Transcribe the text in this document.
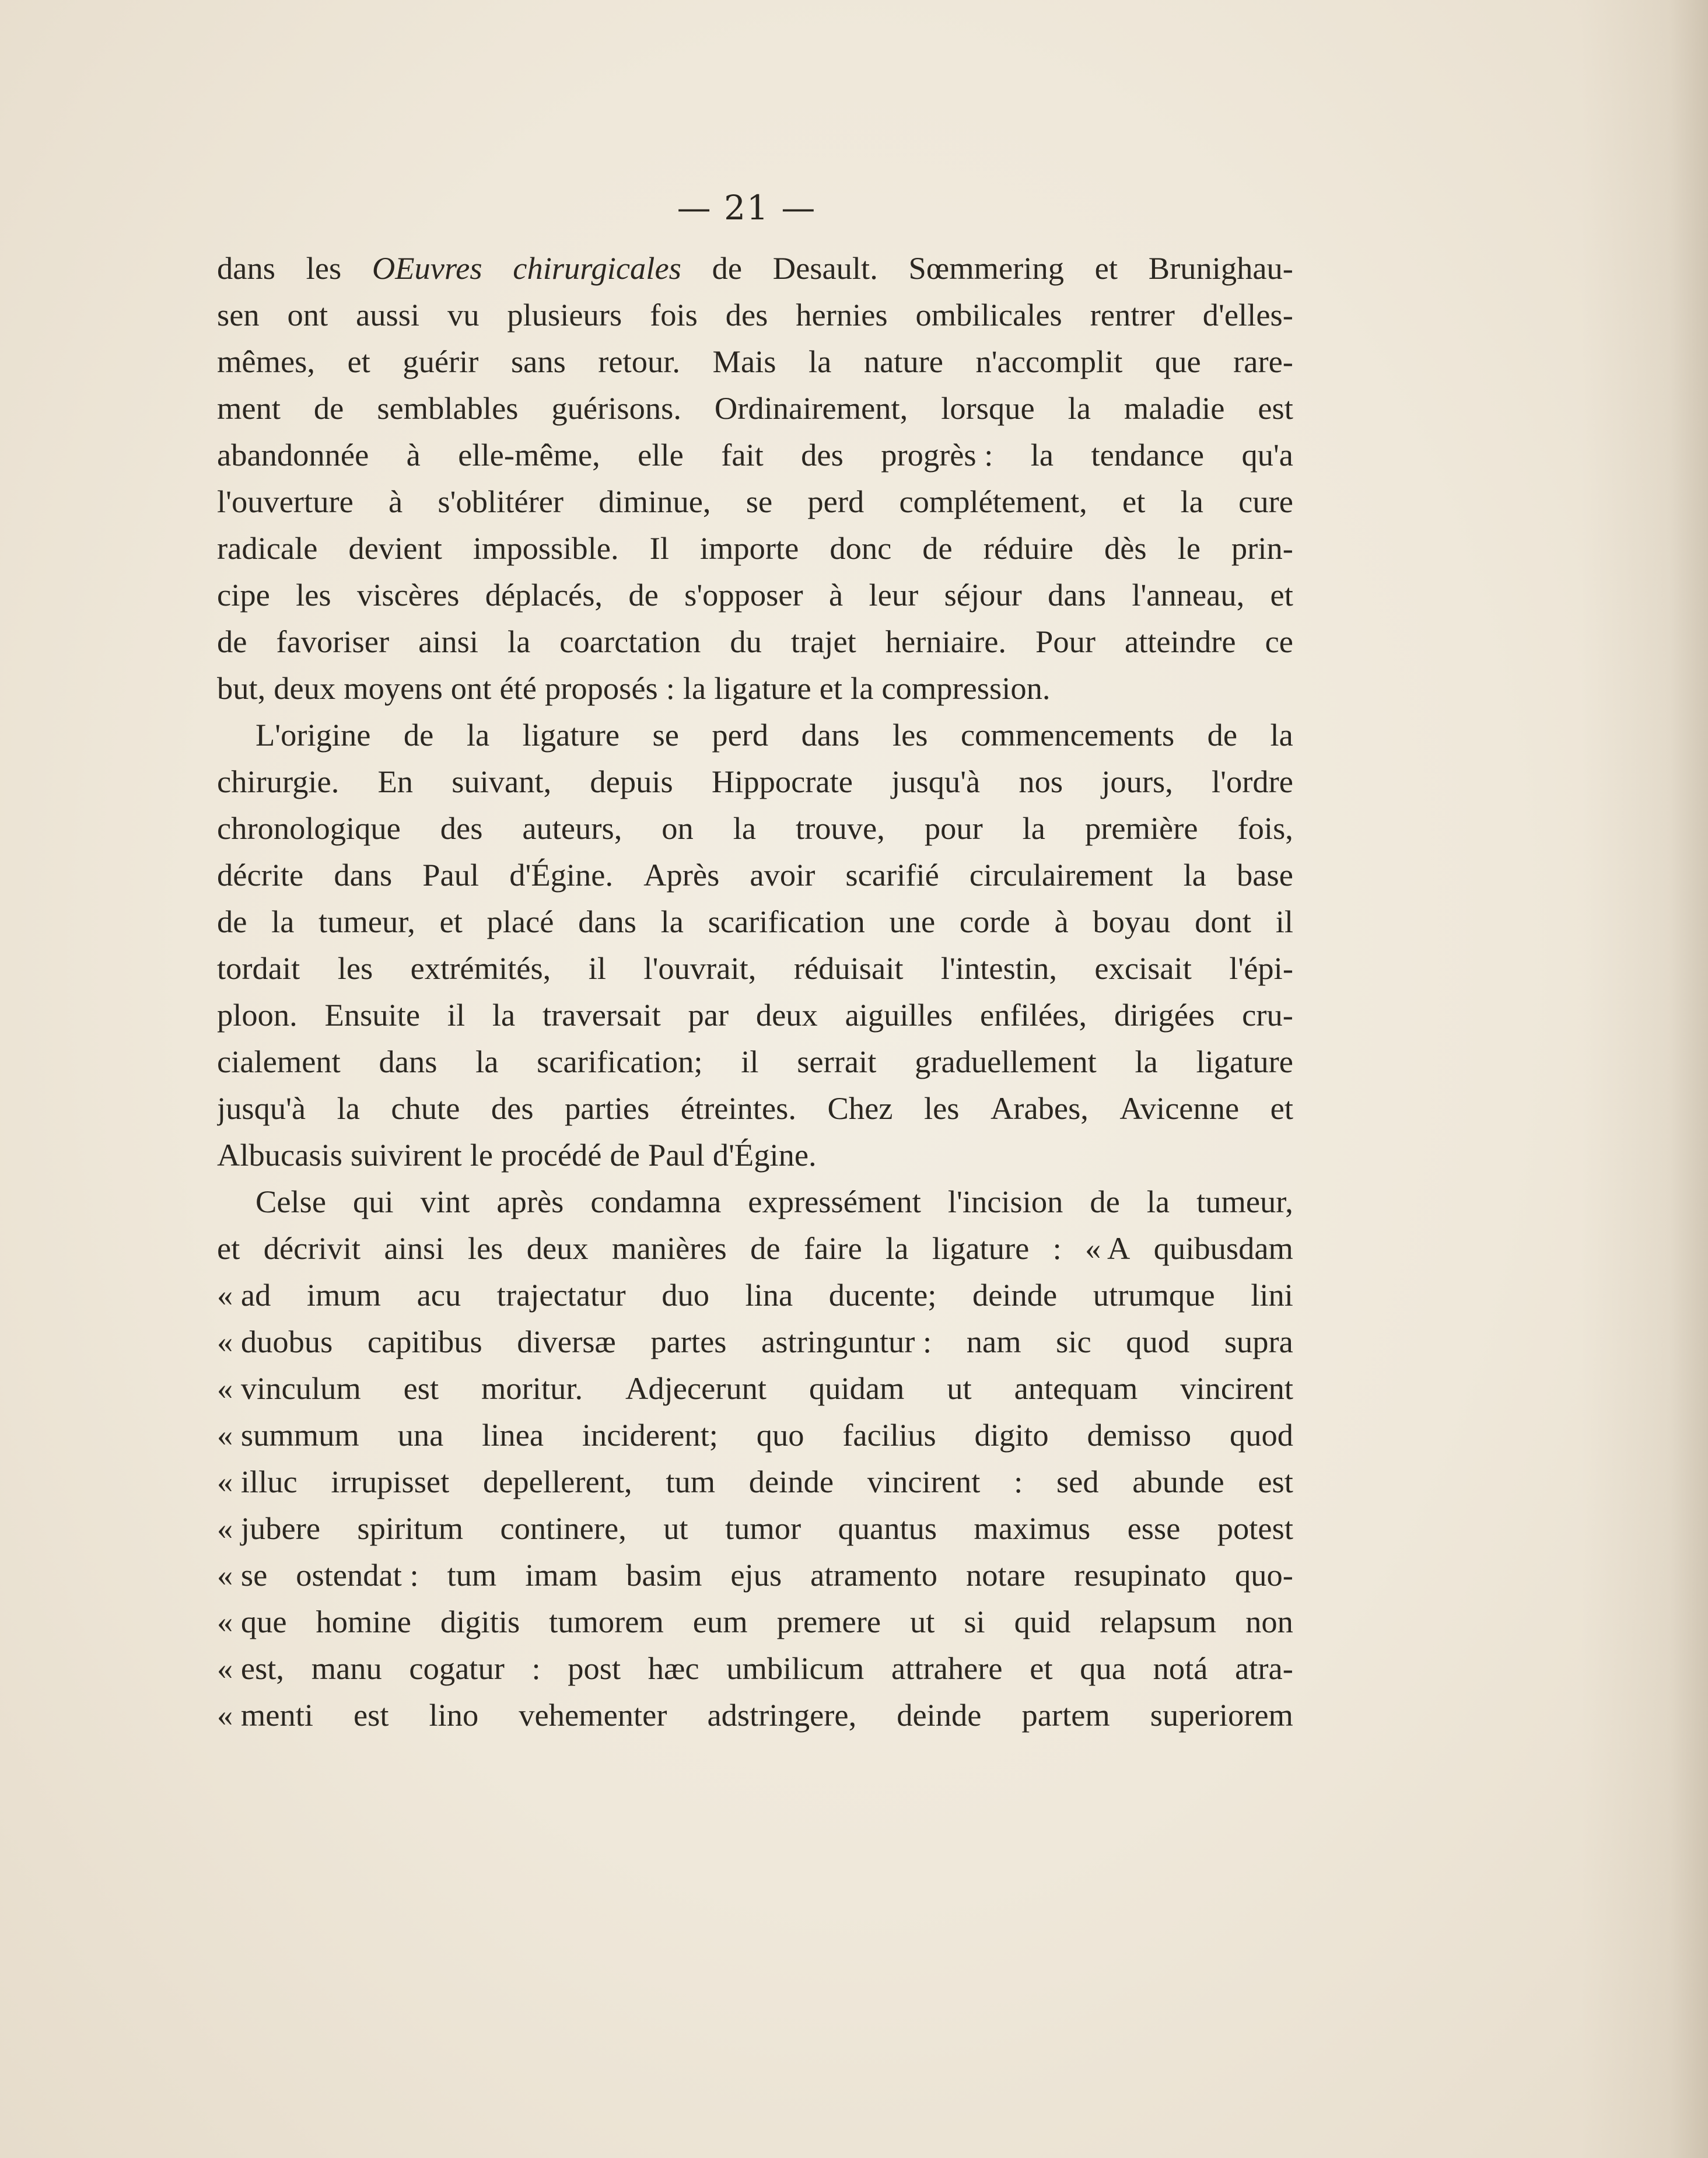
— 21 —
dans les OEuvres chirurgicales de Desault. Sœmmering et Brunighau-
sen ont aussi vu plusieurs fois des hernies ombilicales rentrer d'elles-
mêmes, et guérir sans retour. Mais la nature n'accomplit que rare-
ment de semblables guérisons. Ordinairement, lorsque la maladie est
abandonnée à elle-même, elle fait des progrès : la tendance qu'a
l'ouverture à s'oblitérer diminue, se perd complétement, et la cure
radicale devient impossible. Il importe donc de réduire dès le prin-
cipe les viscères déplacés, de s'opposer à leur séjour dans l'anneau, et
de favoriser ainsi la coarctation du trajet herniaire. Pour atteindre ce
but, deux moyens ont été proposés : la ligature et la compression.
L'origine de la ligature se perd dans les commencements de la
chirurgie. En suivant, depuis Hippocrate jusqu'à nos jours, l'ordre
chronologique des auteurs, on la trouve, pour la première fois,
décrite dans Paul d'Égine. Après avoir scarifié circulairement la base
de la tumeur, et placé dans la scarification une corde à boyau dont il
tordait les extrémités, il l'ouvrait, réduisait l'intestin, excisait l'épi-
ploon. Ensuite il la traversait par deux aiguilles enfilées, dirigées cru-
cialement dans la scarification; il serrait graduellement la ligature
jusqu'à la chute des parties étreintes. Chez les Arabes, Avicenne et
Albucasis suivirent le procédé de Paul d'Égine.
Celse qui vint après condamna expressément l'incision de la tumeur,
et décrivit ainsi les deux manières de faire la ligature : « A quibusdam
« ad imum acu trajectatur duo lina ducente; deinde utrumque lini
« duobus capitibus diversæ partes astringuntur : nam sic quod supra
« vinculum est moritur. Adjecerunt quidam ut antequam vincirent
« summum una linea inciderent; quo facilius digito demisso quod
« illuc irrupisset depellerent, tum deinde vincirent : sed abunde est
« jubere spiritum continere, ut tumor quantus maximus esse potest
« se ostendat : tum imam basim ejus atramento notare resupinato quo-
« que homine digitis tumorem eum premere ut si quid relapsum non
« est, manu cogatur : post hæc umbilicum attrahere et qua notá atra-
« menti est lino vehementer adstringere, deinde partem superiorem
